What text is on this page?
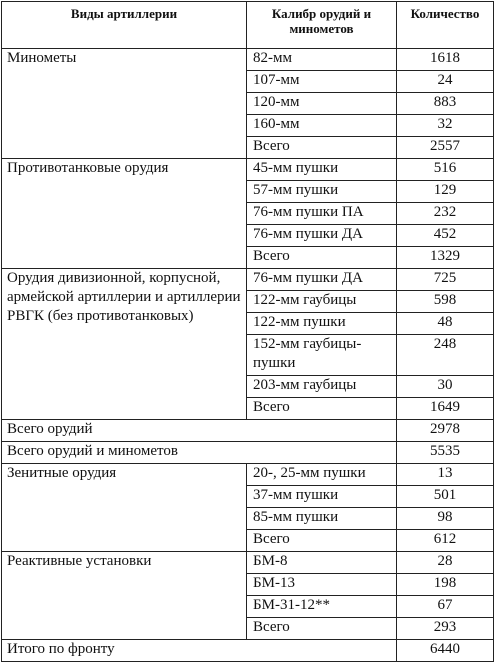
Виды артиллерии	Калибр орудий и минометов	Количество
Минометы	82-мм	1618
	107-мм	24
	120-мм	883
	160-мм	32
	Всего	2557
Противотанковые орудия	45-мм пушки	516
	57-мм пушки	129
	76-мм пушки ПА	232
	76-мм пушки ДА	452
	Всего	1329
Орудия дивизионной, корпусной, армейской артиллерии и артиллерии РВГК (без противотанковых)	76-мм пушки ДА	725
	122-мм гаубицы	598
	122-мм пушки	48
	152-мм гаубицы-пушки	248
	203-мм гаубицы	30
	Всего	1649
Всего орудий		2978
Всего орудий и минометов		5535
Зенитные орудия	20-, 25-мм пушки	13
	37-мм пушки	501
	85-мм пушки	98
	Всего	612
Реактивные установки	БМ-8	28
	БМ-13	198
	БМ-31-12**	67
	Всего	293
Итого по фронту		6440
